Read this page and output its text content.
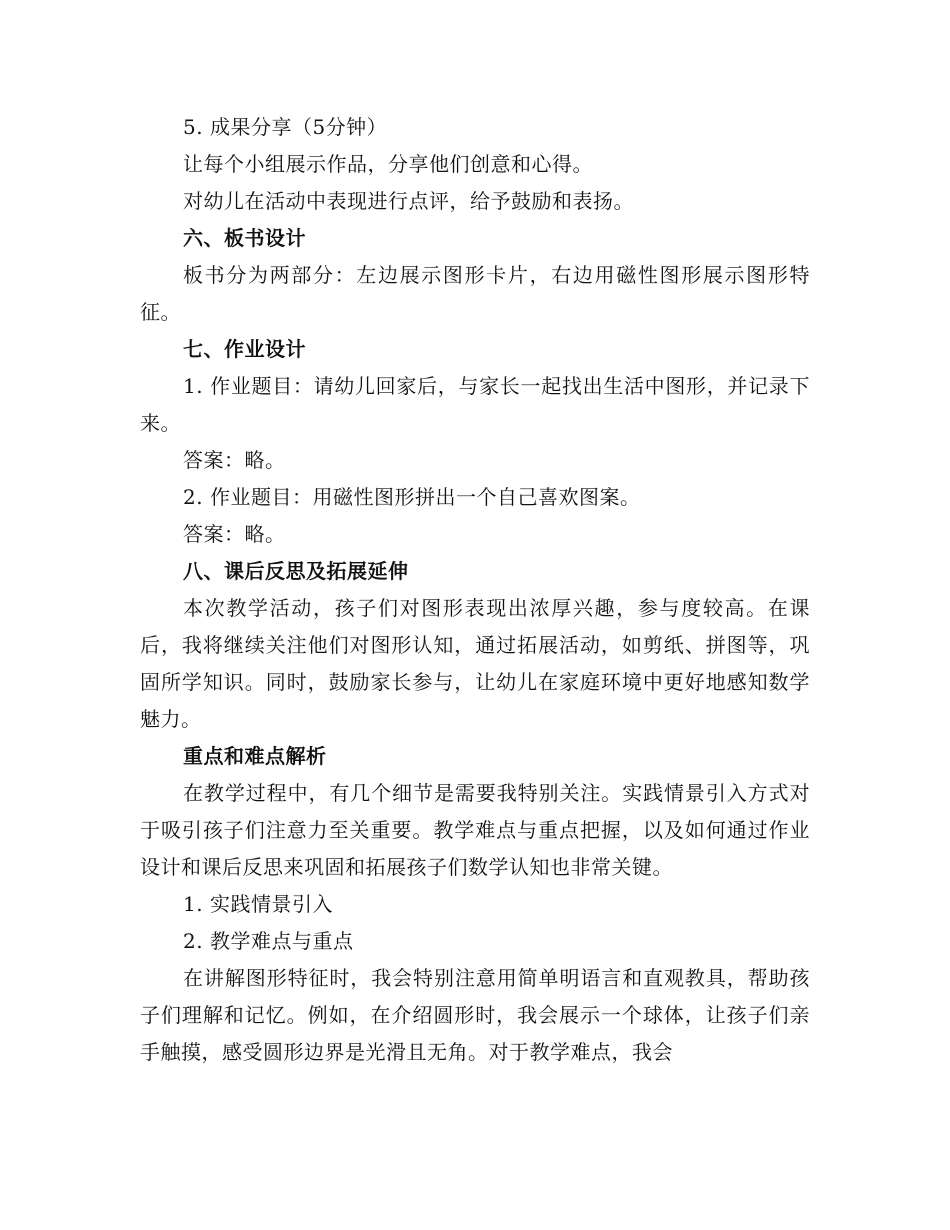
5. 成果分享（5分钟）

让每个小组展示作品，分享他们创意和心得。

对幼儿在活动中表现进行点评，给予鼓励和表扬。

六、板书设计

板书分为两部分：左边展示图形卡片，右边用磁性图形展示图形特征。

七、作业设计

1. 作业题目：请幼儿回家后，与家长一起找出生活中图形，并记录下来。

答案：略。

2. 作业题目：用磁性图形拼出一个自己喜欢图案。

答案：略。

八、课后反思及拓展延伸

本次教学活动，孩子们对图形表现出浓厚兴趣，参与度较高。在课后，我将继续关注他们对图形认知，通过拓展活动，如剪纸、拼图等，巩固所学知识。同时，鼓励家长参与，让幼儿在家庭环境中更好地感知数学魅力。

重点和难点解析

在教学过程中，有几个细节是需要我特别关注。实践情景引入方式对于吸引孩子们注意力至关重要。教学难点与重点把握，以及如何通过作业设计和课后反思来巩固和拓展孩子们数学认知也非常关键。

1. 实践情景引入

2. 教学难点与重点

在讲解图形特征时，我会特别注意用简单明语言和直观教具，帮助孩子们理解和记忆。例如，在介绍圆形时，我会展示一个球体，让孩子们亲手触摸，感受圆形边界是光滑且无角。对于教学难点，我会
